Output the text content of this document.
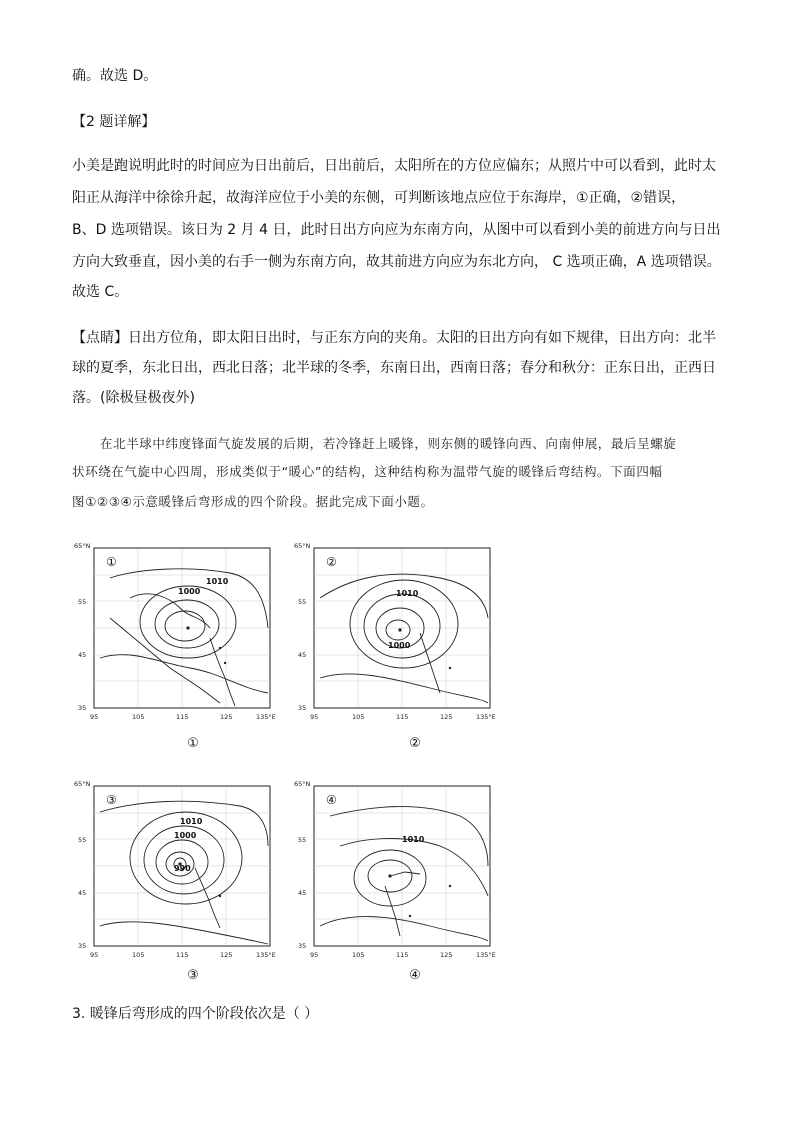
确。故选 D。

【2 题详解】

小美是跑说明此时的时间应为日出前后，日出前后，太阳所在的方位应偏东；从照片中可以看到，此时太

阳正从海洋中徐徐升起，故海洋应位于小美的东侧，可判断该地点应位于东海岸，①正确，②错误，

B、D 选项错误。该日为 2 月 4 日，此时日出方向应为东南方向，从图中可以看到小美的前进方向与日出

方向大致垂直，因小美的右手一侧为东南方向，故其前进方向应为东北方向， C 选项正确，A 选项错误。

故选 C。

【点睛】日出方位角，即太阳日出时，与正东方向的夹角。太阳的日出方向有如下规律，日出方向：北半

球的夏季，东北日出，西北日落；北半球的冬季，东南日出，西南日落；春分和秋分：正东日出，正西日

落。(除极昼极夜外)

在北半球中纬度锋面气旋发展的后期，若冷锋赶上暖锋，则东侧的暖锋向西、向南伸展，最后呈螺旋

状环绕在气旋中心四周，形成类似于“暖心”的结构，这种结构称为温带气旋的暖锋后弯结构。下面四幅

图①②③④示意暖锋后弯形成的四个阶段。据此完成下面小题。

65°N
55
45
35
1000
1010
①
95	105	115	125	135°E
①
65°N
55
45
35
1010
1000
②
95	105	115	125	135°E
②
65°N
55
45
35
1010
1000
990
③
95	105	115	125	135°E
③
65°N
55
45
35
1010
④
95	105	115	125	135°E
④

3. 暖锋后弯形成的四个阶段依次是（ ）
